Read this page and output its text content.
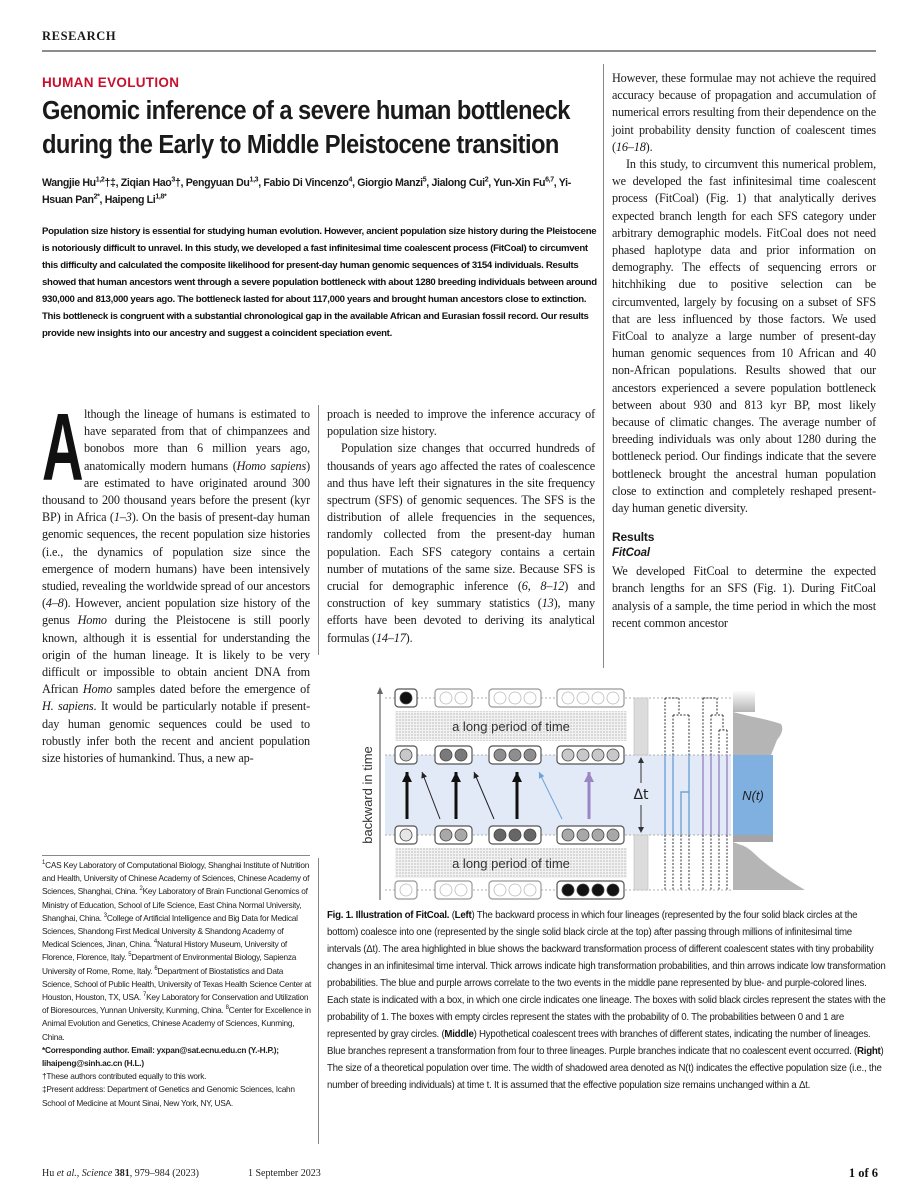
RESEARCH
HUMAN EVOLUTION
Genomic inference of a severe human bottleneck during the Early to Middle Pleistocene transition
Wangjie Hu$^{1,2}$†‡, Ziqian Hao$^3$†, Pengyuan Du$^{1,3}$, Fabio Di Vincenzo$^4$, Giorgio Manzi$^5$, Jialong Cui$^2$, Yun-Xin Fu$^{6,7}$, Yi-Hsuan Pan$^{2*}$, Haipeng $Li^{1,8*}$
Population size history is essential for studying human evolution. However, ancient population size history during the Pleistocene is notoriously difficult to unravel. In this study, we developed a fast infinitesimal time coalescent process (FitCoal) to circumvent this difficulty and calculated the composite likelihood for present-day human genomic sequences of 3154 individuals. Results showed that human ancestors went through a severe population bottleneck with about 1280 breeding individuals between around 930,000 and 813,000 years ago. The bottleneck lasted for about 117,000 years and brought human ancestors close to extinction. This bottleneck is congruent with a substantial chronological gap in the available African and Eurasian fossil record. Our results provide new insights into our ancestry and suggest a coincident speciation event.

Although the lineage of humans is estimated to have separated from that of chimpanzees and bonobos more than 6 million years ago, anatomically modern humans (Homo sapiens) are estimated to have originated around 300 thousand to 200 thousand years before the present (kyr BP) in Africa (1–3). On the basis of present-day human genomic sequences, the recent population size histories (i.e., the dynamics of population size since the emergence of modern humans) have been intensively studied, revealing the worldwide spread of our ancestors (4–8). However, ancient population size history of the genus Homo during the Pleistocene is still poorly known, although it is essential for understanding the origin of the human lineage. It is likely to be very difficult or impossible to obtain ancient DNA from African Homo samples dated before the emergence of H. sapiens. It would be particularly notable if present-day human genomic sequences could be used to robustly infer both the recent and ancient population size histories of humankind. Thus, a new ap-

proach is needed to improve the inference accuracy of population size history.

Population size changes that occurred hundreds of thousands of years ago affected the rates of coalescence and thus have left their signatures in the site frequency spectrum (SFS) of genomic sequences. The SFS is the distribution of allele frequencies in the sequences, randomly collected from the present-day human population. Each SFS category contains a certain number of mutations of the same size. Because SFS is crucial for demographic inference (6, 8–12) and construction of key summary statistics (13), many efforts have been devoted to deriving its analytical formulas (14–17).

However, these formulae may not achieve the required accuracy because of propagation and accumulation of numerical errors resulting from their dependence on the joint probability density function of coalescent times (16–18).

In this study, to circumvent this numerical problem, we developed the fast infinitesimal time coalescent process (FitCoal) (Fig. 1) that analytically derives expected branch length for each SFS category under arbitrary demographic models. FitCoal does not need phased haplotype data and prior information on demography. The effects of sequencing errors or hitchhiking due to positive selection can be circumvented, largely by focusing on a subset of SFS that are less influenced by those factors. We used FitCoal to analyze a large number of present-day human genomic sequences from 10 African and 40 non-African populations. Results showed that our ancestors experienced a severe population bottleneck between about 930 and 813 kyr BP, most likely because of climatic changes. The average number of breeding individuals was only about 1280 during the bottleneck period. Our findings indicate that the severe bottleneck brought the ancestral human population close to extinction and completely reshaped present-day human genetic diversity.

Results
FitCoal

We developed FitCoal to determine the expected branch lengths for an SFS (Fig. 1). During FitCoal analysis of a sample, the time period in which the most recent common ancestor

$^1$CAS Key Laboratory of Computational Biology, Shanghai Institute of Nutrition and Health, University of Chinese Academy of Sciences, Chinese Academy of Sciences, Shanghai, China. $^2$Key Laboratory of Brain Functional Genomics of Ministry of Education, School of Life Science, East China Normal University, Shanghai, China. $^3$College of Artificial Intelligence and Big Data for Medical Sciences, Shandong First Medical University & Shandong Academy of Medical Sciences, Jinan, China. $^4$Natural History Museum, University of Florence, Florence, Italy. $^5$Department of Environmental Biology, Sapienza University of Rome, Rome, Italy. $^6$Department of Biostatistics and Data Science, School of Public Health, University of Texas Health Science Center at Houston, Houston, TX, USA. $^7$Key Laboratory for Conservation and Utilization of Bioresources, Yunnan University, Kunming, China. $^8$Center for Excellence in Animal Evolution and Genetics, Chinese Academy of Sciences, Kunming, China.
*Corresponding author. Email: yxpan@sat.ecnu.edu.cn (Y.-H.P.); lihaipeng@sinh.ac.cn (H.L.)
†These authors contributed equally to this work.
‡Present address: Department of Genetics and Genomic Sciences, Icahn School of Medicine at Mount Sinai, New York, NY, USA.
a long period of time
a long period of time
backward in time	Δt	N(t)
Fig. 1. Illustration of FitCoal. (Left) The backward process in which four lineages (represented by the four solid black circles at the bottom) coalesce into one (represented by the single solid black circle at the top) after passing through millions of infinitesimal time intervals (Δt). The area highlighted in blue shows the backward transformation process of different coalescent states with tiny probability changes in an infinitesimal time interval. Thick arrows indicate high transformation probabilities, and thin arrows indicate low transformation probabilities. The blue and purple arrows correlate to the two events in the middle pane represented by blue- and purple-colored lines. Each state is indicated with a box, in which one circle indicates one lineage. The boxes with solid black circles represent the states with the probability of 1. The boxes with empty circles represent the states with the probability of 0. The probabilities between 0 and 1 are represented by gray circles. (Middle) Hypothetical coalescent trees with branches of different states, indicating the number of lineages. Blue branches represent a transformation from four to three lineages. Purple branches indicate that no coalescent event occurred. (Right) The size of a theoretical population over time. The width of shadowed area denoted as N(t) indicates the effective population size (i.e., the number of breeding individuals) at time t. It is assumed that the effective population size remains unchanged within a Δt.
Hu et al., Science 381, 979–984 (2023)	1 September 2023	1 of 6
